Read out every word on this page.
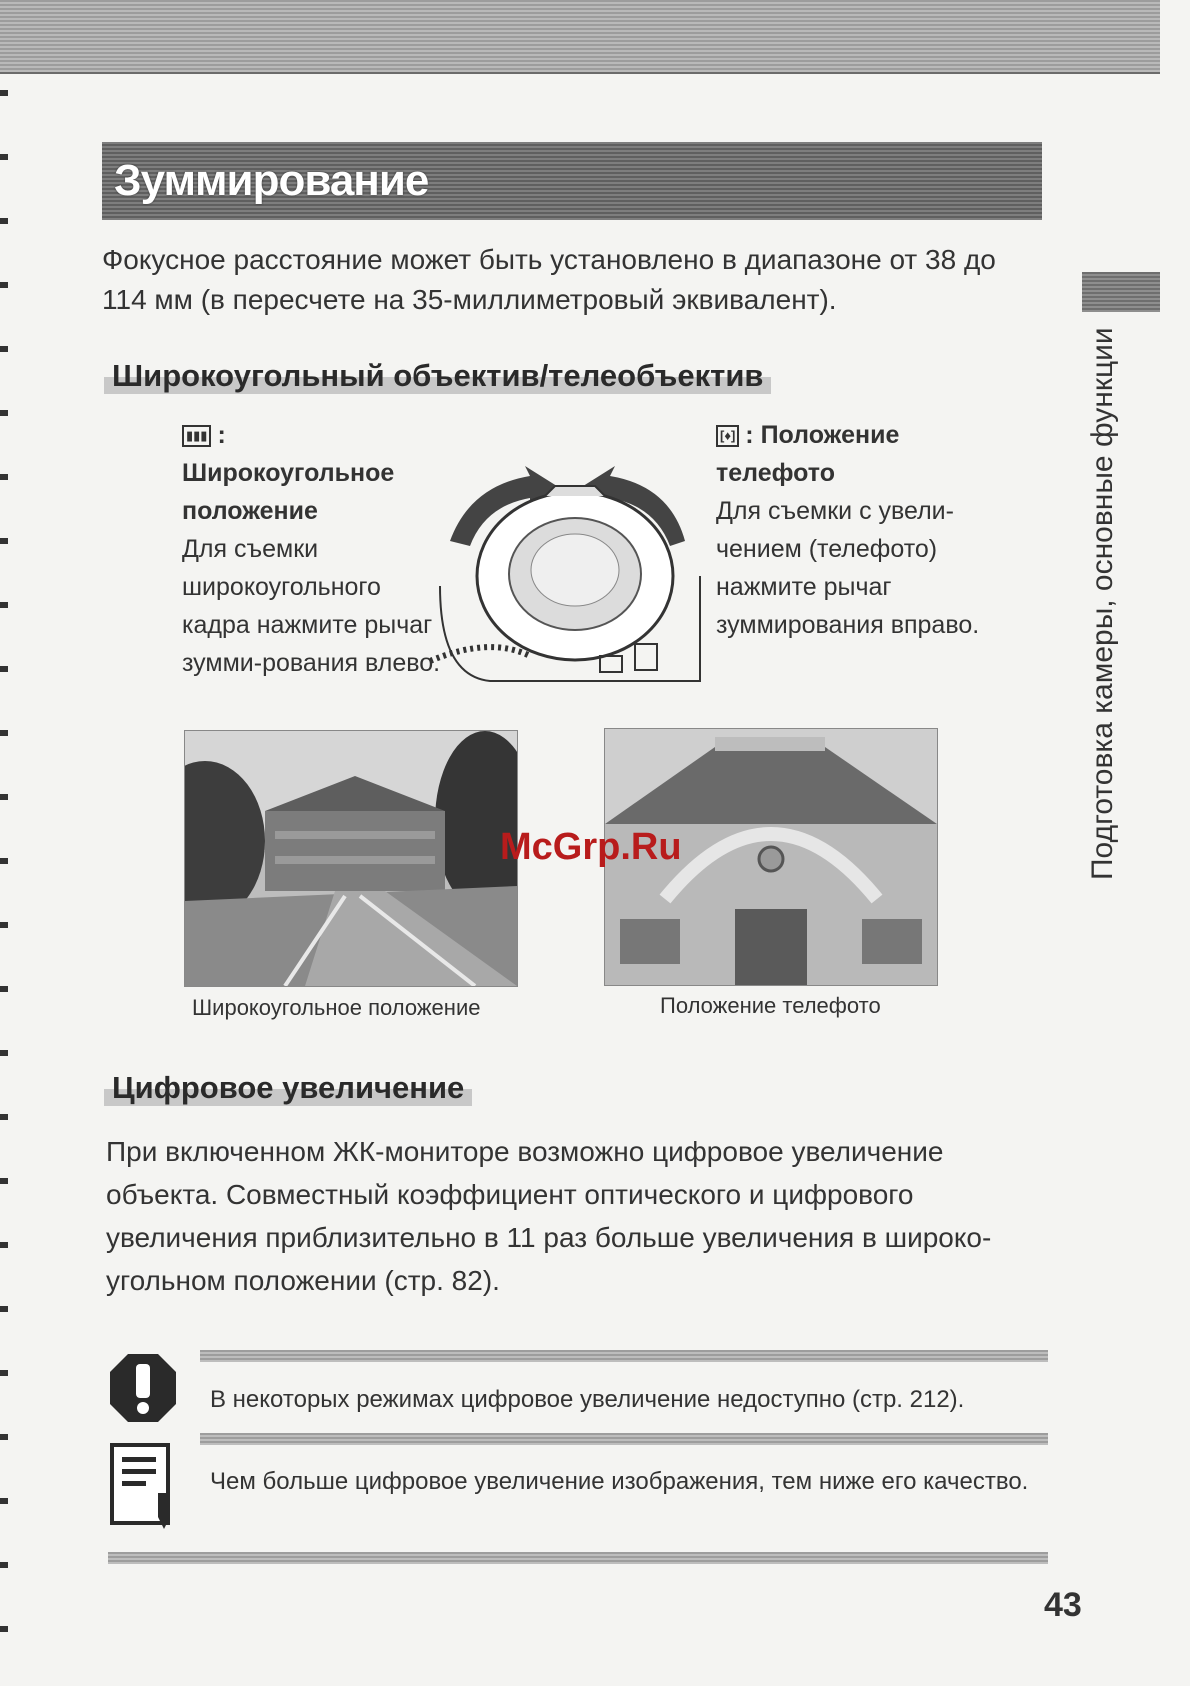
Зуммирование
Фокусное расстояние может быть установлено в диапазоне от 38 до 114 мм (в пересчете на 35-миллиметровый эквивалент).
Широкоугольный объектив/телеобъектив
▮▮▮ : Широкоугольное положение
Для съемки широкоугольного кадра нажмите рычаг зумми-рования влево.
[♦] : Положение телефото
Для съемки с увели-чением (телефото) нажмите рычаг зуммирования вправо.
Широкоугольное положение	Положение телефото
McGrp.Ru
Цифровое увеличение
При включенном ЖК-мониторе возможно цифровое увеличение объекта. Совместный коэффициент оптического и цифрового увеличения приблизительно в 11 раз больше увеличения в широко-угольном положении (стр. 82).
В некоторых режимах цифровое увеличение недоступно (стр. 212).
Чем больше цифровое увеличение изображения, тем ниже его качество.
Подготовка камеры, основные функции
43
